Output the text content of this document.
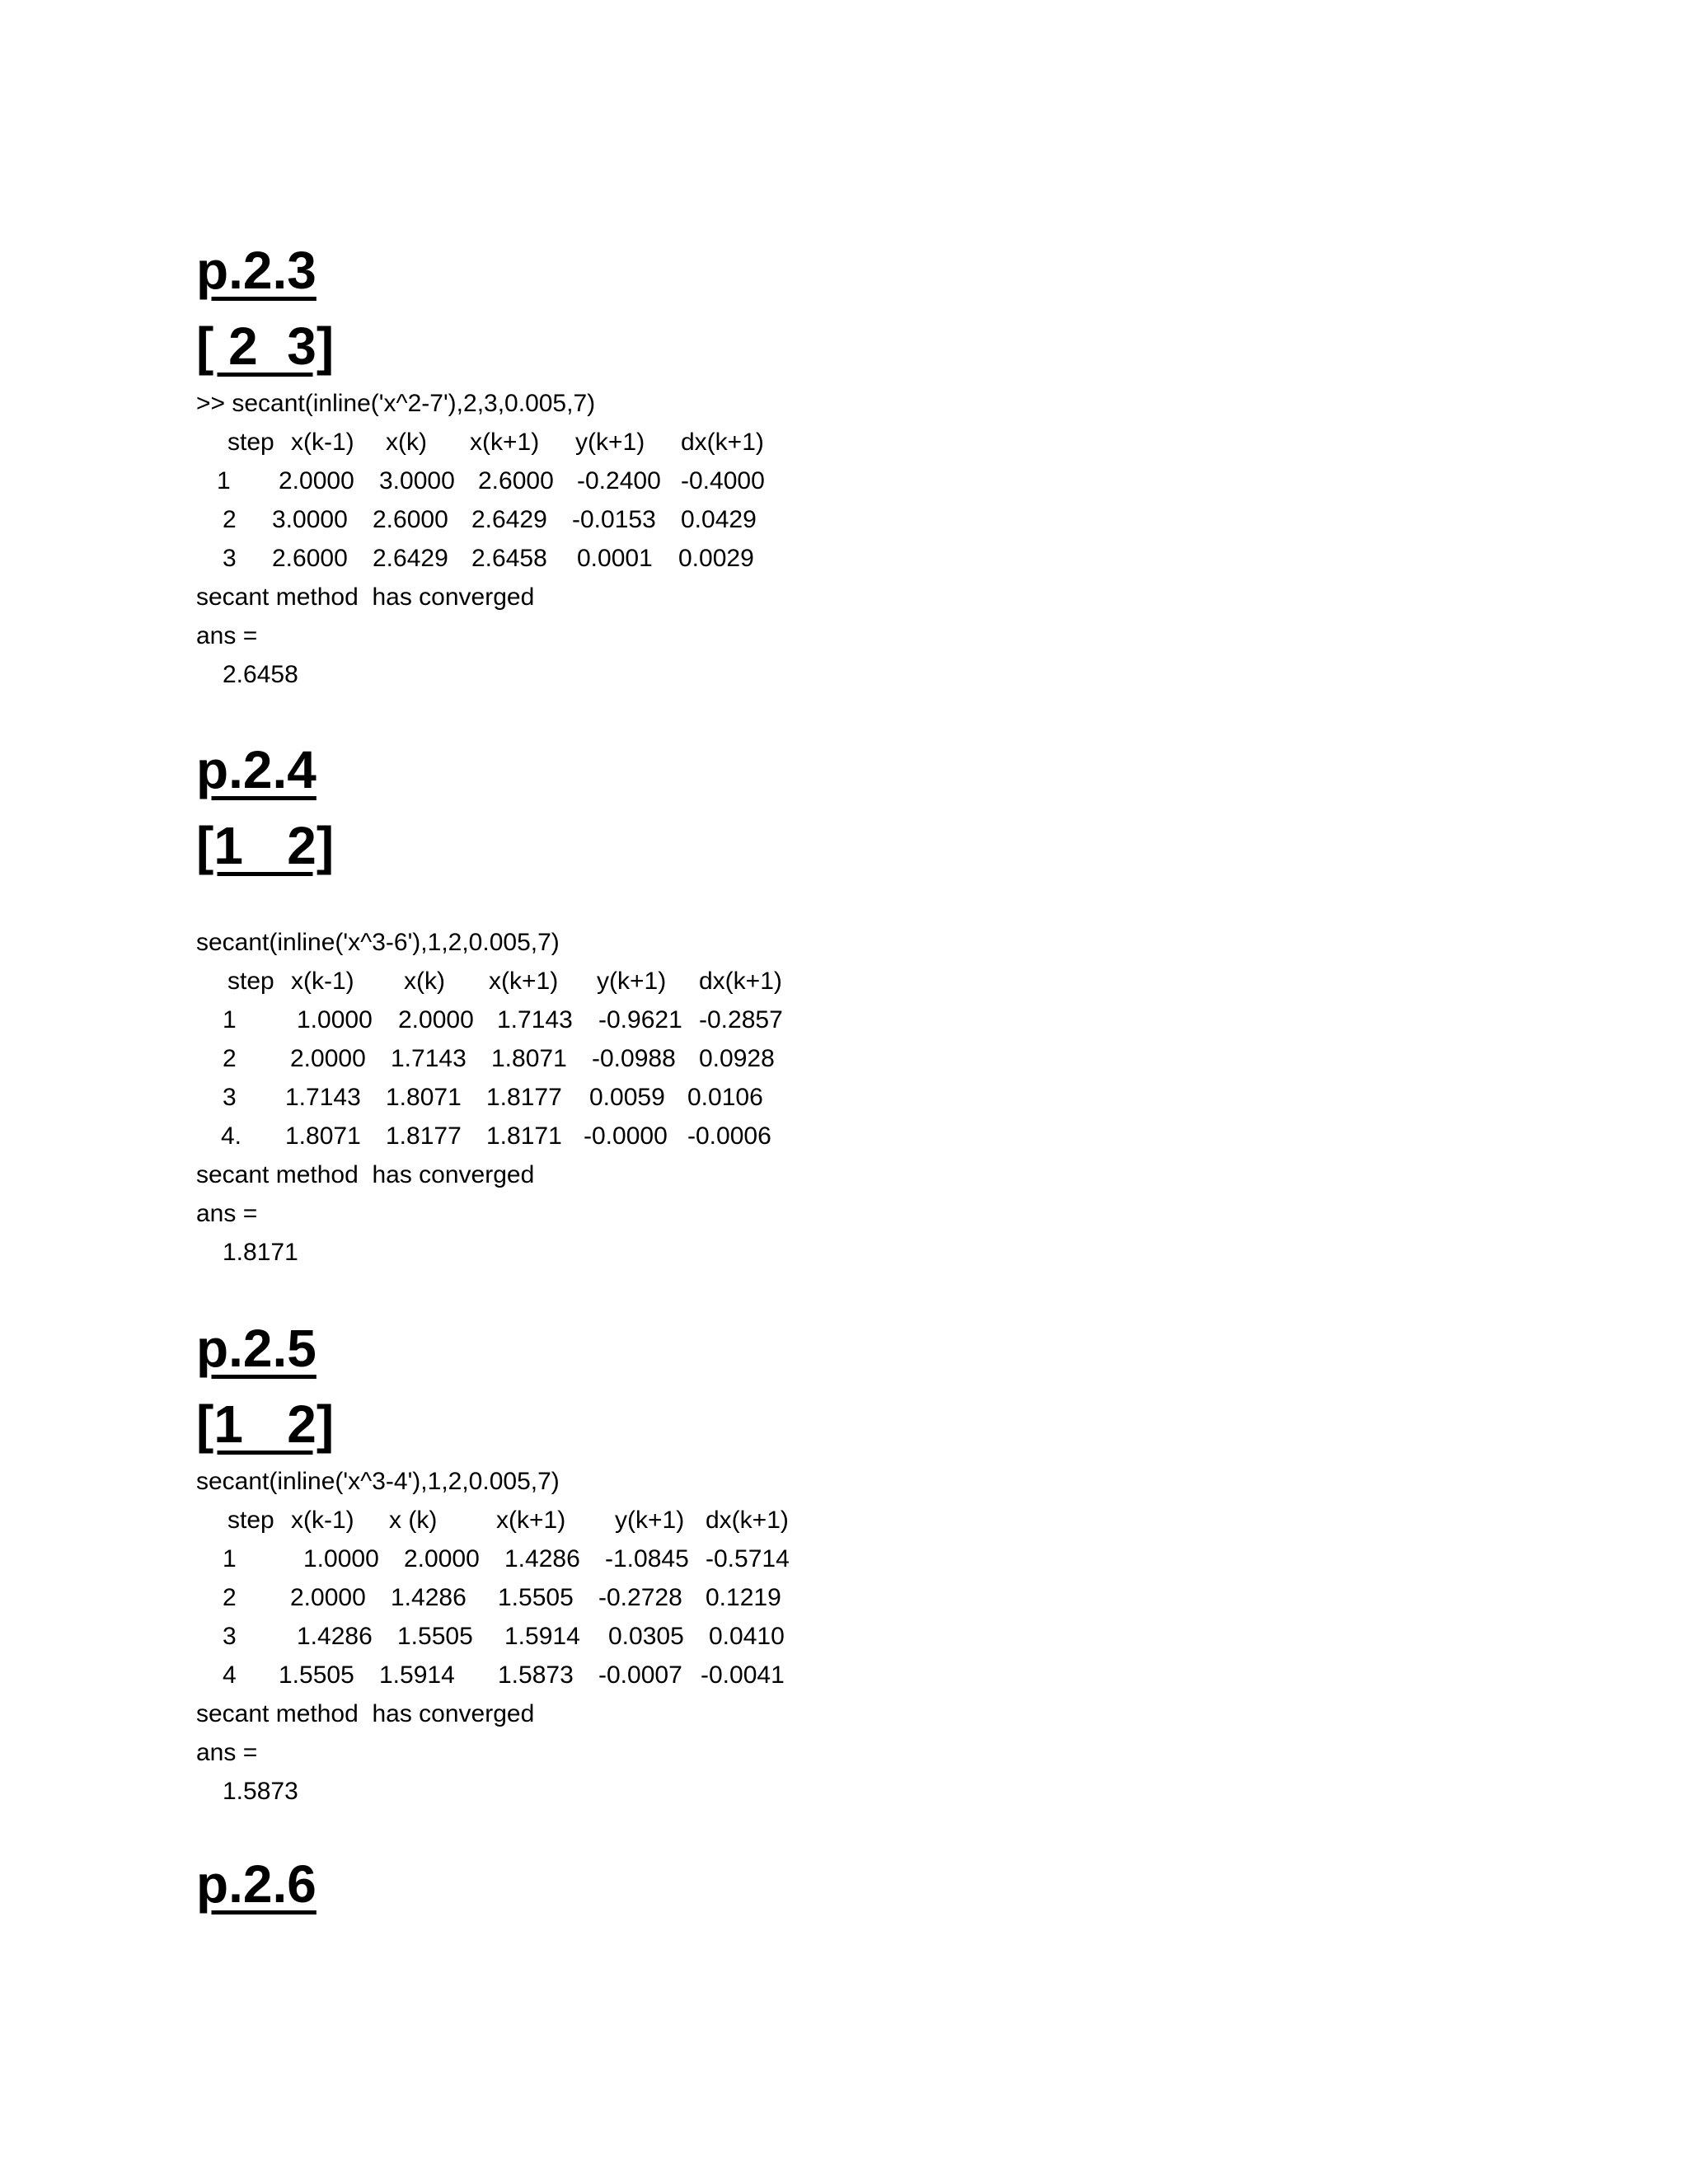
p.2.3
[ 2  3]
>> secant(inline('x^2-7'),2,3,0.005,7)
step x(k-1) x(k) x(k+1) y(k+1) dx(k+1)
1 2.0000 3.0000 2.6000 -0.2400 -0.4000
2 3.0000 2.6000 2.6429 -0.0153 0.0429
3 2.6000 2.6429 2.6458 0.0001 0.0029
secant method  has converged
ans =
2.6458
p.2.4
[1   2]
secant(inline('x^3-6'),1,2,0.005,7)
step x(k-1) x(k) x(k+1) y(k+1) dx(k+1)
1 1.0000 2.0000 1.7143 -0.9621 -0.2857
2 2.0000 1.7143 1.8071 -0.0988 0.0928
3 1.7143 1.8071 1.8177 0.0059 0.0106
4. 1.8071 1.8177 1.8171 -0.0000 -0.0006
secant method  has converged
ans =
1.8171
p.2.5
[1   2]
secant(inline('x^3-4'),1,2,0.005,7)
step x(k-1) x (k) x(k+1) y(k+1) dx(k+1)
1	1.0000 2.0000 1.4286 -1.0845 -0.5714
2 2.0000 1.4286 1.5505 -0.2728 0.1219
3 1.4286 1.5505 1.5914 0.0305 0.0410
4 1.5505 1.5914 1.5873 -0.0007 -0.0041
secant method  has converged
ans =
1.5873
p.2.6
